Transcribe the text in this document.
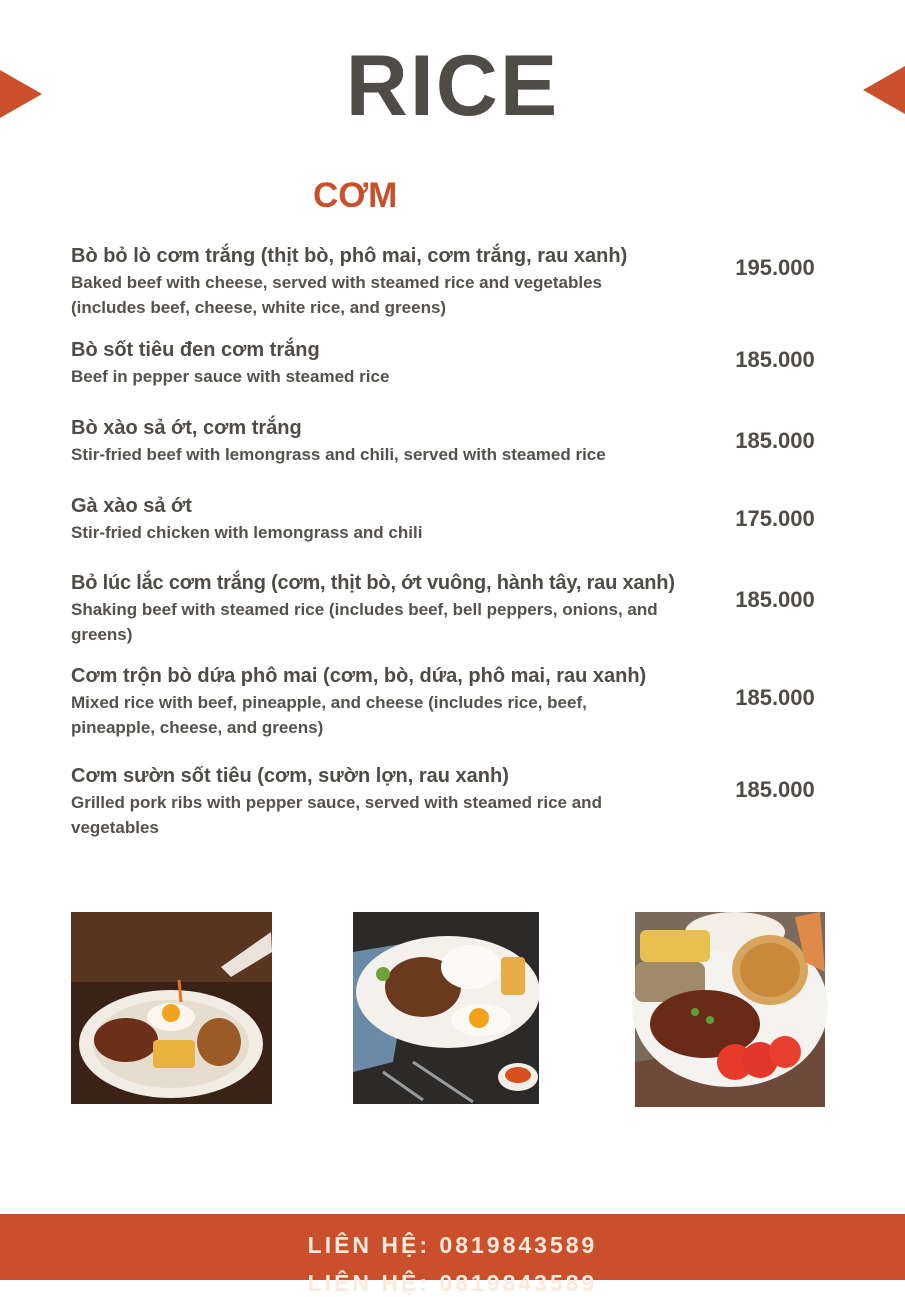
RICE
CƠM
Bò bỏ lò cơm trắng (thịt bò, phô mai, cơm trắng, rau xanh)
Baked beef with cheese, served with steamed rice and vegetables (includes beef, cheese, white rice, and greens)
195.000
Bò sốt tiêu đen cơm trắng
Beef in pepper sauce with steamed rice
185.000
Bò xào sả ớt, cơm trắng
Stir-fried beef with lemongrass and chili, served with steamed rice
185.000
Gà xào sả ớt
Stir-fried chicken with lemongrass and chili
175.000
Bỏ lúc lắc cơm trắng (cơm, thịt bò, ớt vuông, hành tây, rau xanh)
Shaking beef with steamed rice (includes beef, bell peppers, onions, and greens)
185.000
Cơm trộn bò dứa phô mai (cơm, bò, dứa, phô mai, rau xanh)
Mixed rice with beef, pineapple, and cheese (includes rice, beef, pineapple, cheese, and greens)
185.000
Cơm sườn sốt tiêu (cơm, sườn lợn, rau xanh)
Grilled pork ribs with pepper sauce, served with steamed rice and vegetables
185.000
LIÊN HỆ: 0819843589
LIÊN HỆ: 0819843589
